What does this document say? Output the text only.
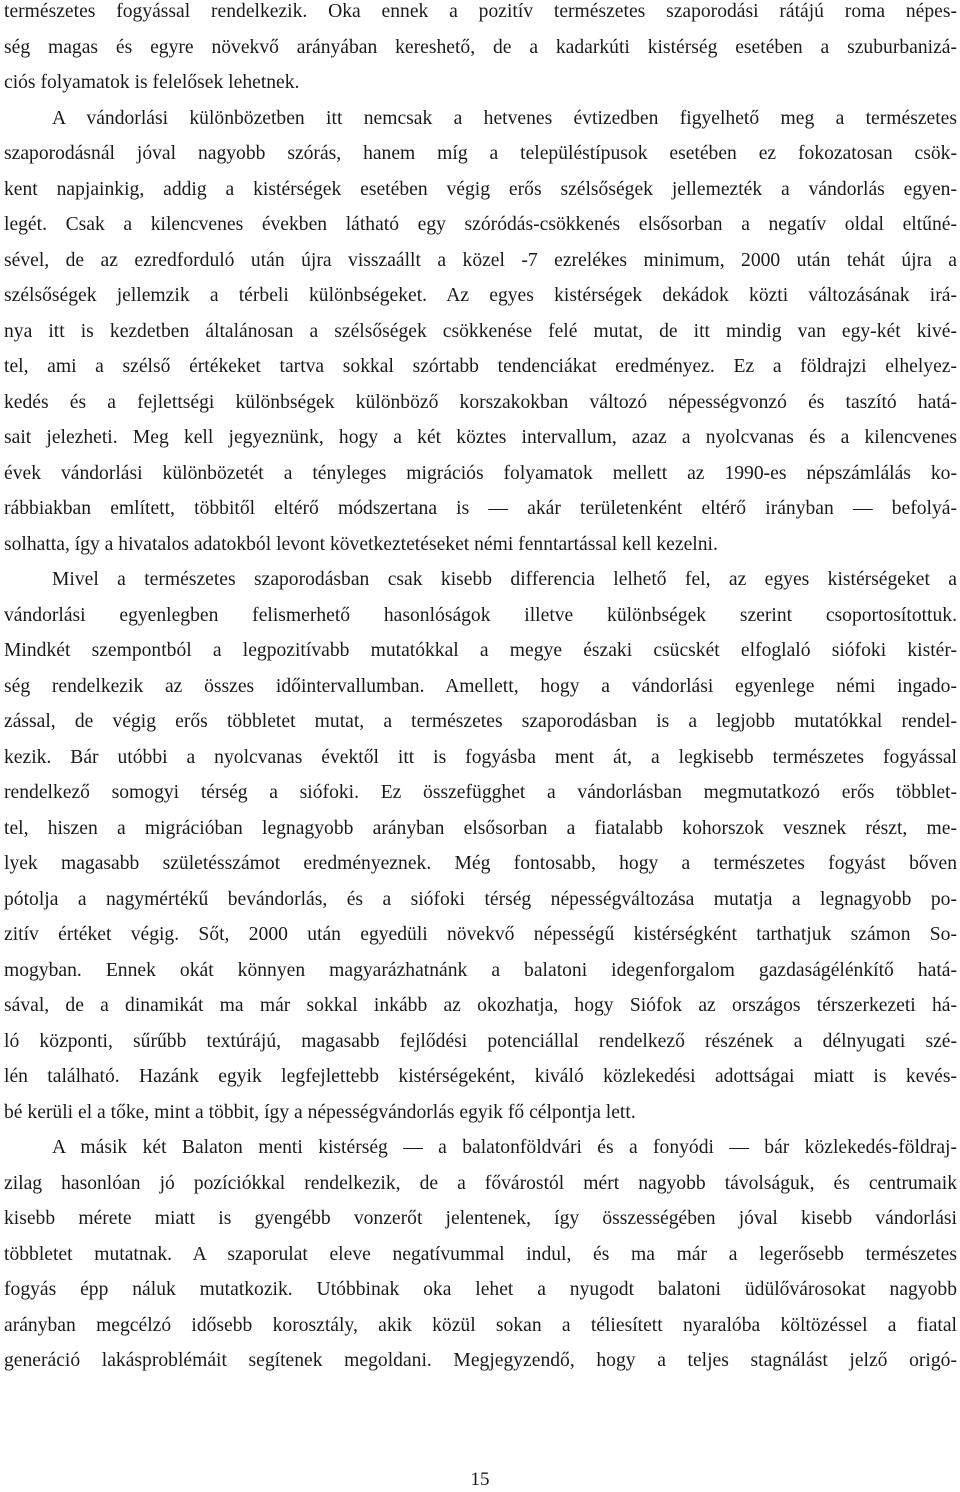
természetes fogyással rendelkezik. Oka ennek a pozitív természetes szaporodási rátájú roma népes-
ség magas és egyre növekvő arányában kereshető, de a kadarkúti kistérség esetében a szuburbanizá-
ciós folyamatok is felelősek lehetnek.
A vándorlási különbözetben itt nemcsak a hetvenes évtizedben figyelhető meg a természetes
szaporodásnál jóval nagyobb szórás, hanem míg a településtípusok esetében ez fokozatosan csök-
kent napjainkig, addig a kistérségek esetében végig erős szélsőségek jellemezték a vándorlás egyen-
legét. Csak a kilencvenes években látható egy szóródás-csökkenés elsősorban a negatív oldal eltűné-
sével, de az ezredforduló után újra visszaállt a közel -7 ezrelékes minimum, 2000 után tehát újra a
szélsőségek jellemzik a térbeli különbségeket. Az egyes kistérségek dekádok közti változásának irá-
nya itt is kezdetben általánosan a szélsőségek csökkenése felé mutat, de itt mindig van egy-két kivé-
tel, ami a szélső értékeket tartva sokkal szórtabb tendenciákat eredményez. Ez a földrajzi elhelyez-
kedés és a fejlettségi különbségek különböző korszakokban változó népességvonzó és taszító hatá-
sait jelezheti. Meg kell jegyeznünk, hogy a két köztes intervallum, azaz a nyolcvanas és a kilencvenes
évek vándorlási különbözetét a tényleges migrációs folyamatok mellett az 1990-es népszámlálás ko-
rábbiakban említett, többitől eltérő módszertana is — akár területenként eltérő irányban — befolyá-
solhatta, így a hivatalos adatokból levont következtetéseket némi fenntartással kell kezelni.
Mivel a természetes szaporodásban csak kisebb differencia lelhető fel, az egyes kistérségeket a
vándorlási egyenlegben felismerhető hasonlóságok illetve különbségek szerint csoportosítottuk.
Mindkét szempontból a legpozitívabb mutatókkal a megye északi csücskét elfoglaló siófoki kistér-
ség rendelkezik az összes időintervallumban. Amellett, hogy a vándorlási egyenlege némi ingado-
zással, de végig erős többletet mutat, a természetes szaporodásban is a legjobb mutatókkal rendel-
kezik. Bár utóbbi a nyolcvanas évektől itt is fogyásba ment át, a legkisebb természetes fogyással
rendelkező somogyi térség a siófoki. Ez összefügghet a vándorlásban megmutatkozó erős többlet-
tel, hiszen a migrációban legnagyobb arányban elsősorban a fiatalabb kohorszok vesznek részt, me-
lyek magasabb születésszámot eredményeznek. Még fontosabb, hogy a természetes fogyást bőven
pótolja a nagymértékű bevándorlás, és a siófoki térség népességváltozása mutatja a legnagyobb po-
zitív értéket végig. Sőt, 2000 után egyedüli növekvő népességű kistérségként tarthatjuk számon So-
mogyban. Ennek okát könnyen magyarázhatnánk a balatoni idegenforgalom gazdaságélénkítő hatá-
sával, de a dinamikát ma már sokkal inkább az okozhatja, hogy Siófok az országos térszerkezeti há-
ló központi, sűrűbb textúrájú, magasabb fejlődési potenciállal rendelkező részének a délnyugati szé-
lén található. Hazánk egyik legfejlettebb kistérségeként, kiváló közlekedési adottságai miatt is kevés-
bé kerüli el a tőke, mint a többit, így a népességvándorlás egyik fő célpontja lett.
A másik két Balaton menti kistérség — a balatonföldvári és a fonyódi — bár közlekedés-földraj-
zilag hasonlóan jó pozíciókkal rendelkezik, de a fővárostól mért nagyobb távolságuk, és centrumaik
kisebb mérete miatt is gyengébb vonzerőt jelentenek, így összességében jóval kisebb vándorlási
többletet mutatnak. A szaporulat eleve negatívummal indul, és ma már a legerősebb természetes
fogyás épp náluk mutatkozik. Utóbbinak oka lehet a nyugodt balatoni üdülővárosokat nagyobb
arányban megcélzó idősebb korosztály, akik közül sokan a téliesített nyaralóba költözéssel a fiatal
generáció lakásproblémáit segítenek megoldani. Megjegyzendő, hogy a teljes stagnálást jelző origó-
15
